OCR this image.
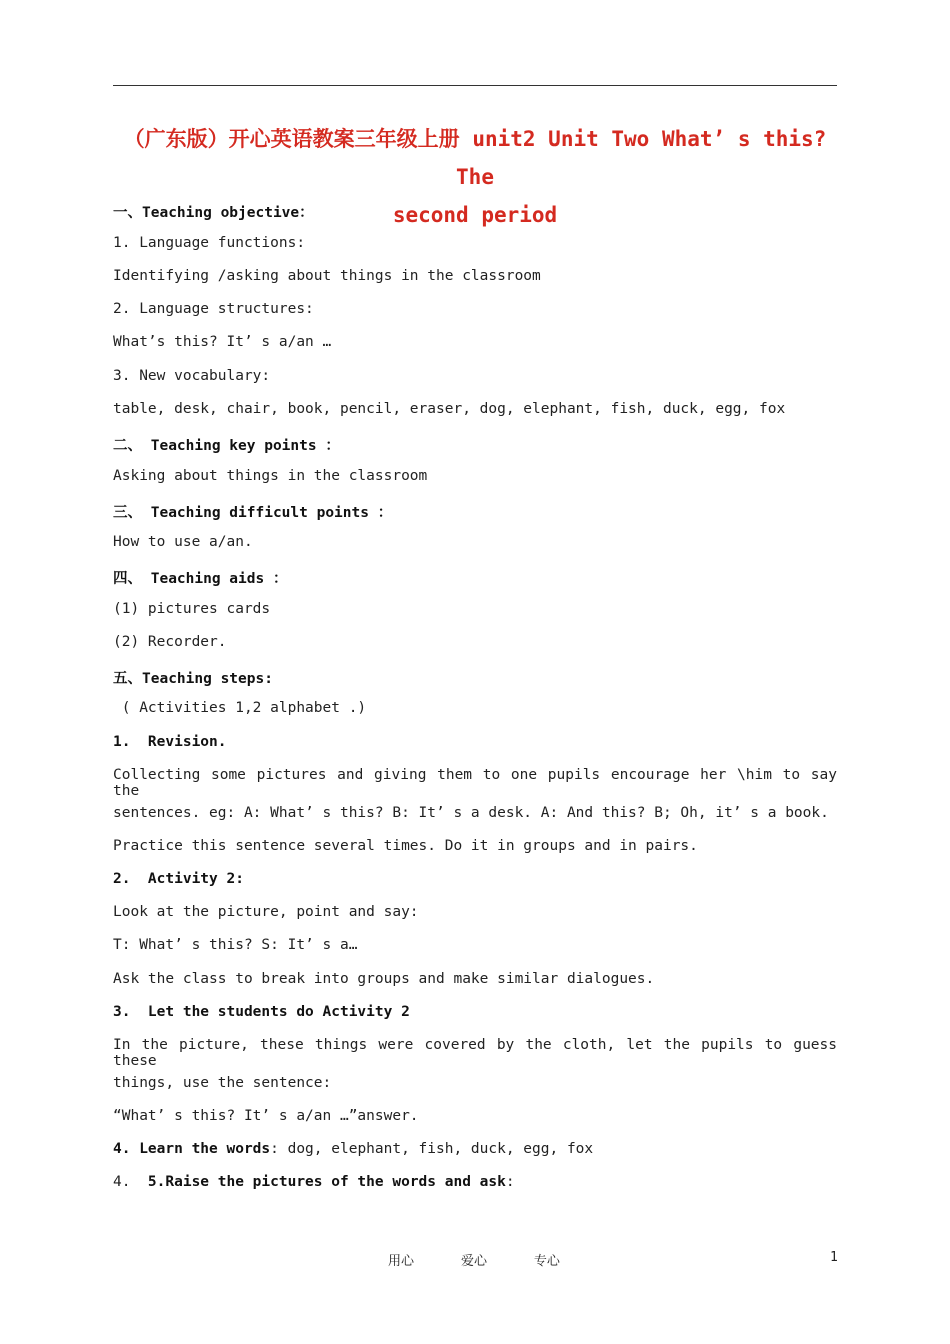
（广东版）开心英语教案三年级上册 unit2 Unit Two What’ s this? The
second period
一、Teaching objective：
1. Language functions:
Identifying /asking about things in the classroom
2. Language structures:
What’s this? It’ s a/an …
3. New vocabulary:
table, desk, chair, book, pencil, eraser, dog, elephant, fish, duck, egg, fox
二、 Teaching key points ：
Asking about things in the classroom
三、 Teaching difficult points ：
How to use a/an.
四、 Teaching aids ：
(1) pictures cards
(2) Recorder.
五、Teaching steps:
( Activities 1,2 alphabet .)
1.  Revision.
Collecting some pictures and giving them to one pupils encourage her \him to say the
sentences. eg: A: What’ s this? B: It’ s a desk. A: And this? B; Oh, it’ s a book.
Practice this sentence several times. Do it in groups and in pairs.
2.  Activity 2:
Look at the picture, point and say:
T: What’ s this? S: It’ s a…
Ask the class to break into groups and make similar dialogues.
3.  Let the students do Activity 2
In the picture, these things were covered by the cloth, let the pupils to guess these
things, use the sentence:
“What’ s this? It’ s a/an …”answer.
4. Learn the words: dog, elephant, fish, duck, egg, fox
4.  5.Raise the pictures of the words and ask:
用心      爱心      专心	1
